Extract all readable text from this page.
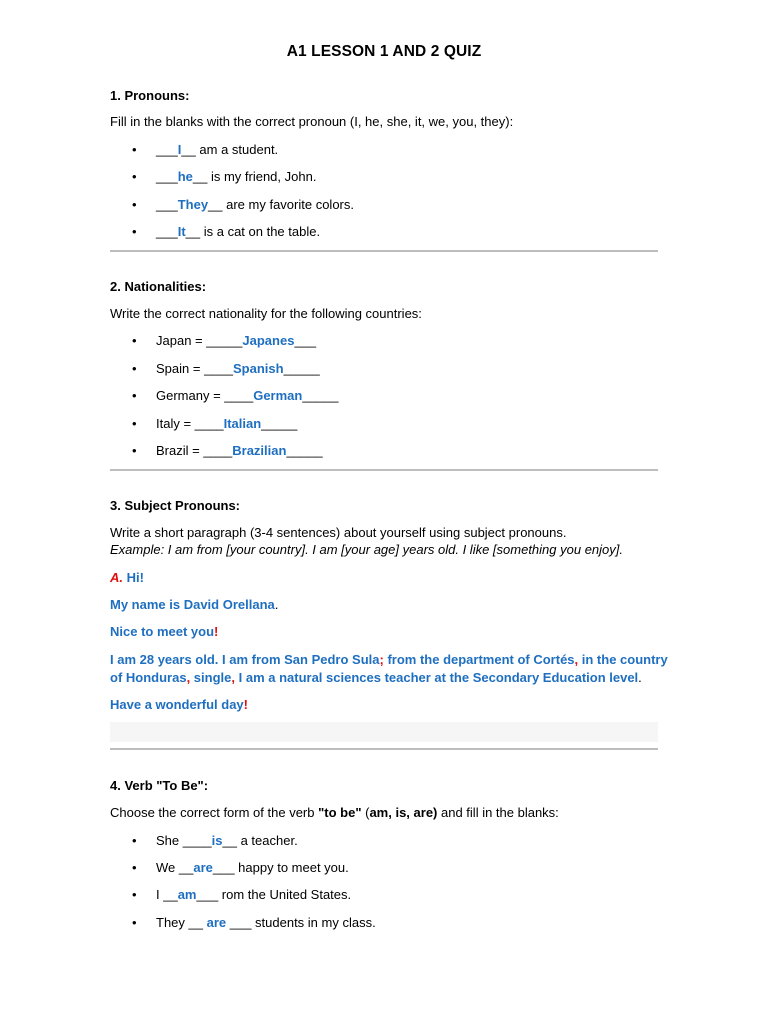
A1 LESSON 1 AND 2 QUIZ
1. Pronouns:
Fill in the blanks with the correct pronoun (I, he, she, it, we, you, they):
• ___I__ am a student.
• ___he__ is my friend, John.
• ___They__ are my favorite colors.
• ___It__ is a cat on the table.
2. Nationalities:
Write the correct nationality for the following countries:
• Japan = _____Japanes___
• Spain = ____Spanish_____
• Germany = ____German_____
• Italy = ____Italian_____
• Brazil = ____Brazilian_____
3. Subject Pronouns:
Write a short paragraph (3-4 sentences) about yourself using subject pronouns.
Example: I am from [your country]. I am [your age] years old. I like [something you enjoy].
A. Hi!
My name is David Orellana.
Nice to meet you!
I am 28 years old. I am from San Pedro Sula; from the department of Cortés, in the country
of Honduras, single, I am a natural sciences teacher at the Secondary Education level.
Have a wonderful day!
4. Verb "To Be":
Choose the correct form of the verb "to be" (am, is, are) and fill in the blanks:
• She ____is__ a teacher.
• We __are___ happy to meet you.
• I __am___ rom the United States.
• They __ are ___ students in my class.
